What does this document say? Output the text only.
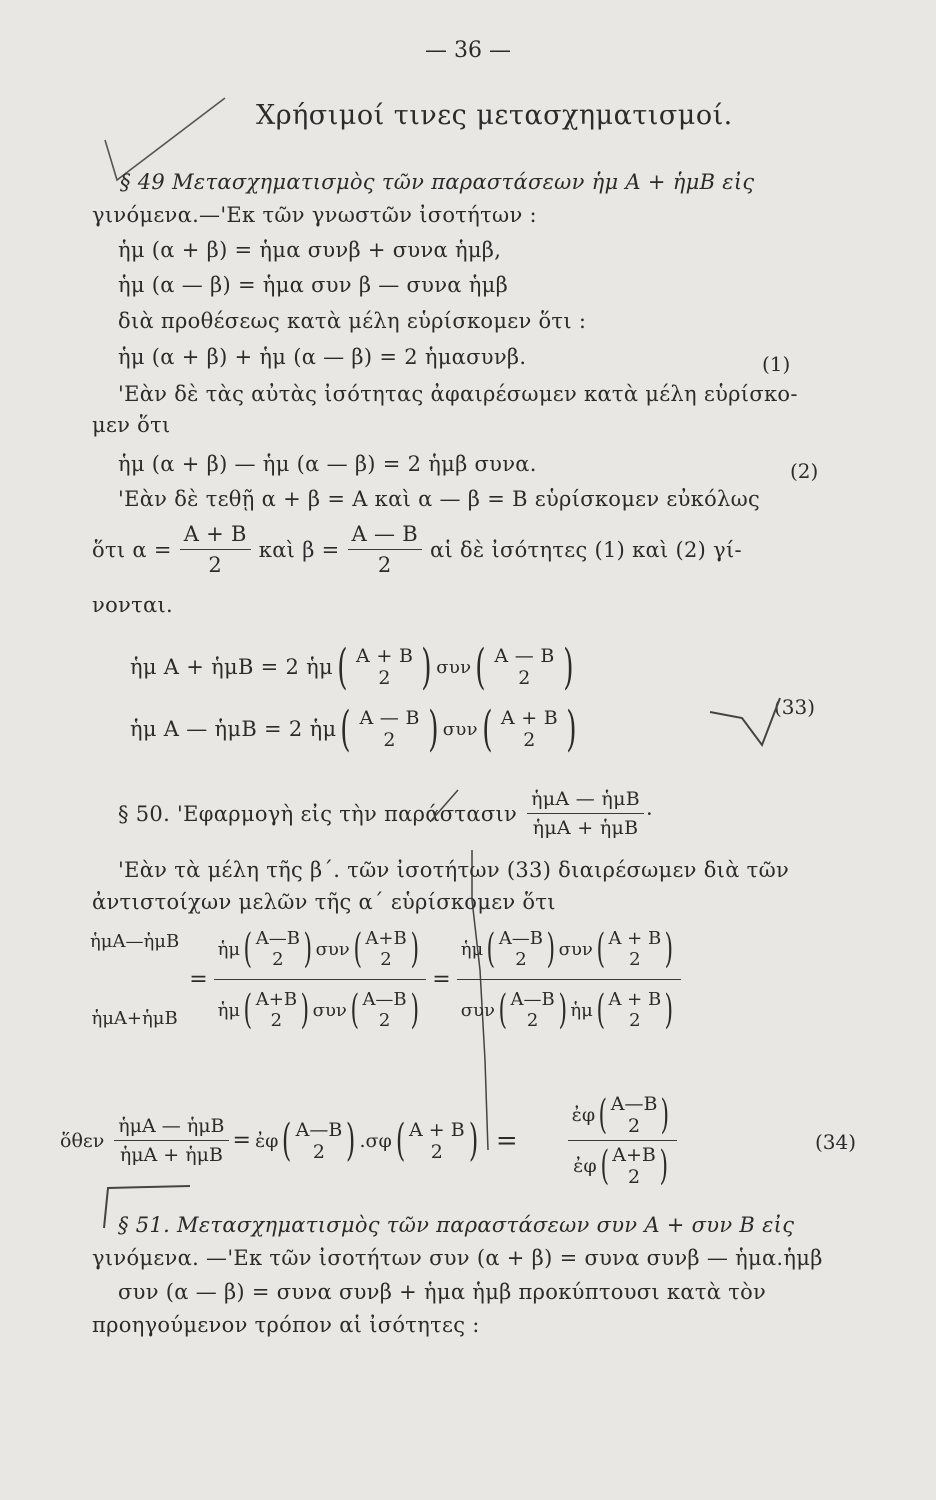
— 36 —
Χρήσιμοί τινες μετασχηματισμοί.
§ 49 Μετασχηματισμὸς τῶν παραστάσεων ἡμ A + ἡμB εἰς
γινόμενα.—'Εκ τῶν γνωστῶν ἰσοτήτων :
ἡμ (α + β) = ἡμα συνβ + συνα ἡμβ,
ἡμ (α — β) = ἡμα συν β — συνα ἡμβ
διὰ προθέσεως κατὰ μέλη εὑρίσκομεν ὅτι :
ἡμ (α + β) + ἡμ (α — β) = 2 ἡμασυνβ.	(1)
'Εὰν δὲ τὰς αὐτὰς ἰσότητας ἀφαιρέσωμεν κατὰ μέλη εὑρίσκο-
μεν ὅτι
ἡμ (α + β) — ἡμ (α — β) = 2 ἡμβ συνα.	(2)
'Εὰν δὲ τεθῇ α + β = Α καὶ α — β = Β εὑρίσκομεν εὐκόλως
ὅτι $\alpha = \frac{A + B}{2}$ καὶ $\beta = \frac{A — B}{2}$ αἱ δὲ ἰσότητες (1) καὶ (2) γί-
νονται.
ἡμ Α + ἡμΒ = 2 ἡμ ( Α + Β
2 ) συν ( Α — Β
2 )
ἡμ Α — ἡμΒ = 2 ἡμ ( Α — Β
2 ) συν ( Α + Β
2 )	(33)
§ 50. 'Εφαρμογὴ εἰς τὴν παράστασιν $\frac{\text{ἡμΑ — ἡμΒ}}{\text{ἡμΑ + ἡμΒ}}$ ·
'Εὰν τὰ μέλη τῆς β΄. τῶν ἰσοτήτων (33) διαιρέσωμεν διὰ τῶν
ἀντιστοίχων μελῶν τῆς α΄ εὑρίσκομεν ὅτι
ἡμΑ—ἡμΒ
ἡμΑ+ἡμΒ
=
ἡμ ( Α—Β
2 ) συν ( Α+Β
2 )
ἡμ ( Α+Β
2 ) συν ( Α—Β
2 )
=
ἡμ ( Α—Β
2 ) συν ( Α + Β
2 )
συν ( Α—Β
2 ) ἡμ ( Α + Β
2 )
ὅθεν $\frac{\text{ἡμΑ — ἡμΒ}}{\text{ἡμΑ + ἡμΒ}}$ = ἐφ ( Α—Β
2 ) . σφ ( Α + Β
2 ) =	ἐφ ( Α—Β
2 )
ἐφ ( Α+Β
2 )	(34)
§ 51. Μετασχηματισμὸς τῶν παραστάσεων συν Α + συν Β εἰς
γινόμενα. —'Εκ τῶν ἰσοτήτων συν (α + β) = συνα συνβ — ἡμα.ἡμβ
συν (α — β) = συνα συνβ + ἡμα ἡμβ προκύπτουσι κατὰ τὸν
προηγούμενον τρόπον αἱ ἰσότητες :
